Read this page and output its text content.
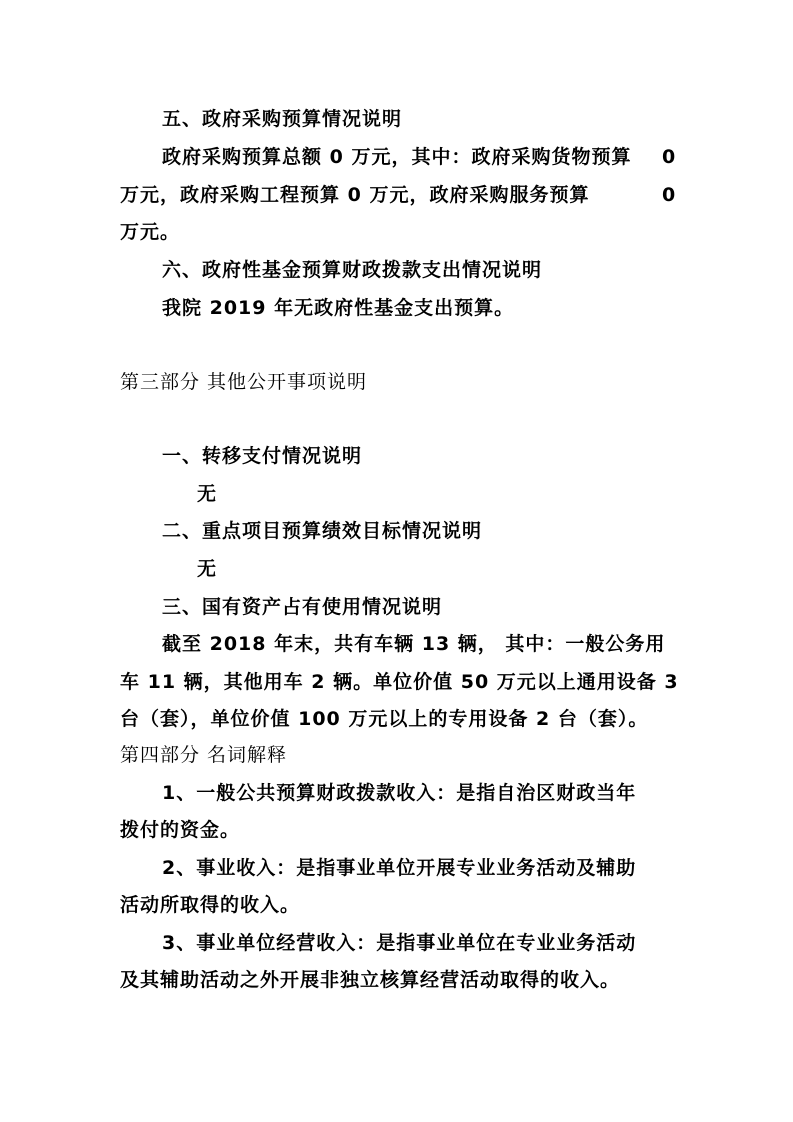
五、政府采购预算情况说明
政府采购预算总额 0 万元，其中：政府采购货物预算 0
万元，政府采购工程预算 0 万元，政府采购服务预算	0
万元。
六、政府性基金预算财政拨款支出情况说明
我院 2019 年无政府性基金支出预算。
第三部分 其他公开事项说明
一、转移支付情况说明
无
二、重点项目预算绩效目标情况说明
无
三、国有资产占有使用情况说明
截至 2018 年末，共有车辆 13 辆， 其中：一般公务用
车 11 辆，其他用车 2 辆。单位价值 50 万元以上通用设备 3
台（套），单位价值 100 万元以上的专用设备 2 台（套）。
第四部分 名词解释
1、一般公共预算财政拨款收入：是指自治区财政当年
拨付的资金。
2、事业收入：是指事业单位开展专业业务活动及辅助
活动所取得的收入。
3、事业单位经营收入：是指事业单位在专业业务活动
及其辅助活动之外开展非独立核算经营活动取得的收入。
